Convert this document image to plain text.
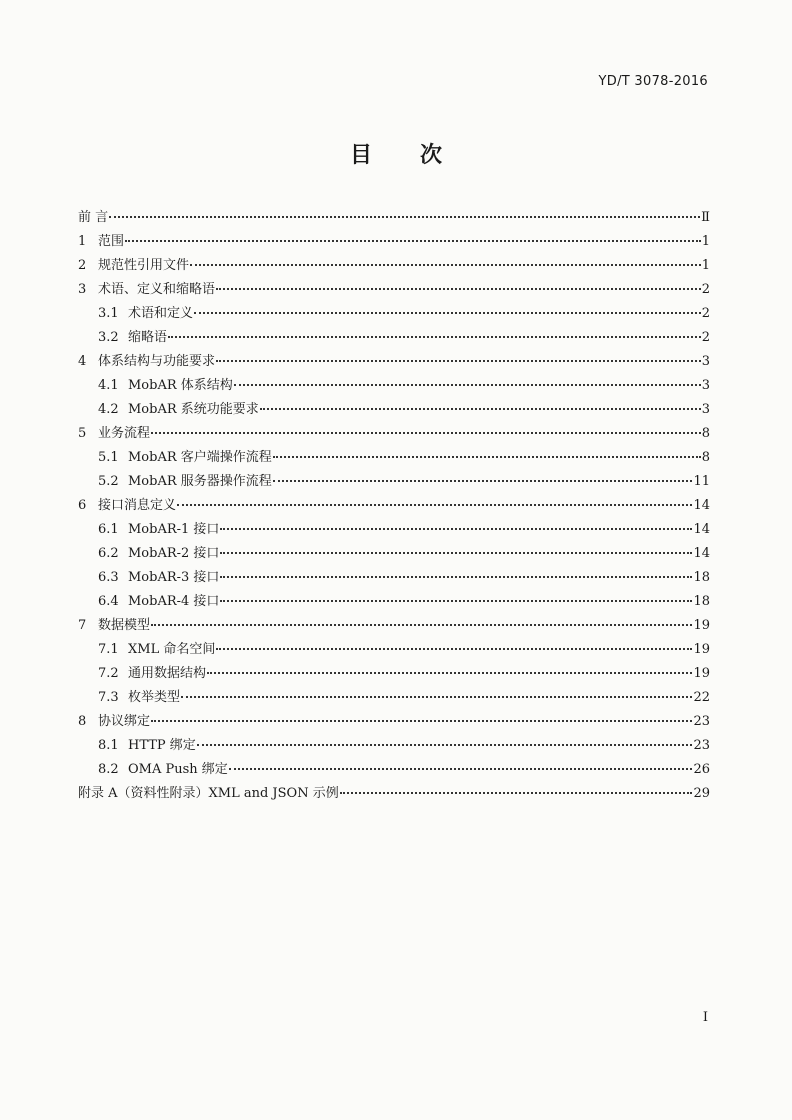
YD/T 3078-2016
目 次
前 言	Ⅱ
1 范围	1
2 规范性引用文件	1
3 术语、定义和缩略语	2
3.1 术语和定义	2
3.2 缩略语	2
4 体系结构与功能要求	3
4.1 MobAR 体系结构	3
4.2 MobAR 系统功能要求	3
5 业务流程	8
5.1 MobAR 客户端操作流程	8
5.2 MobAR 服务器操作流程	11
6 接口消息定义	14
6.1 MobAR-1 接口	14
6.2 MobAR-2 接口	14
6.3 MobAR-3 接口	18
6.4 MobAR-4 接口	18
7 数据模型	19
7.1 XML 命名空间	19
7.2 通用数据结构	19
7.3 枚举类型	22
8 协议绑定	23
8.1 HTTP 绑定	23
8.2 OMA Push 绑定	26
附录 A（资料性附录）XML and JSON 示例	29
I
